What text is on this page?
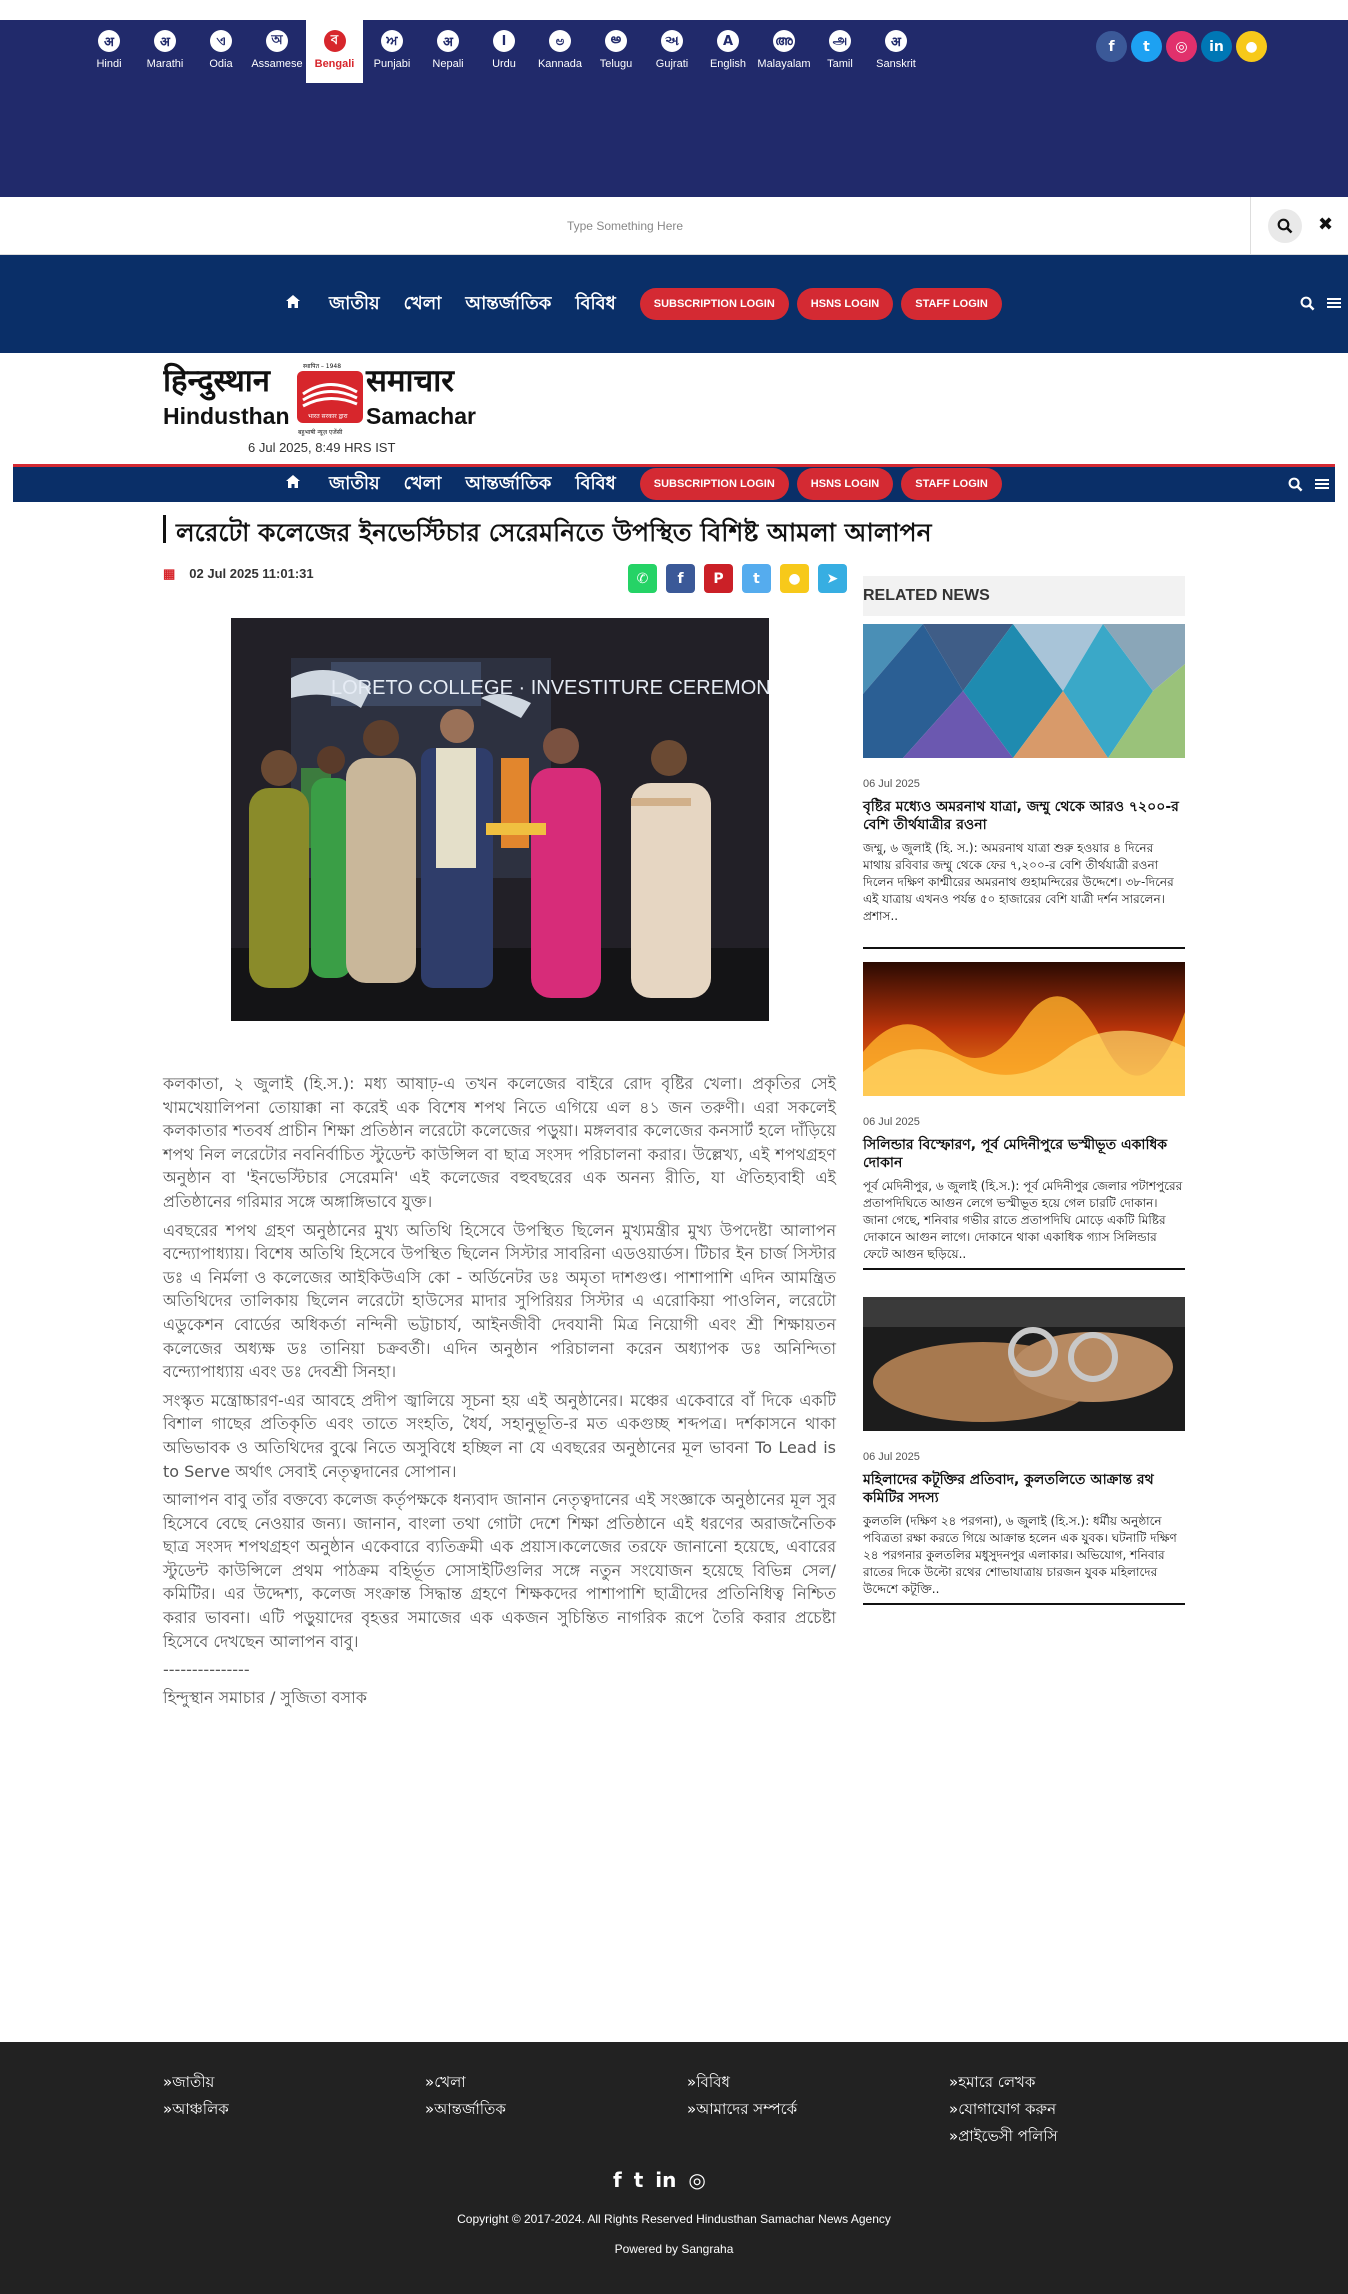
अ
Hindi
अ
Marathi
ଏ
Odia
অ
Assamese
ব
Bengali
ਅ
Punjabi
अ
Nepali
ا
Urdu
ಅ
Kannada
అ
Telugu
અ
Gujrati
A
English
അ
Malayalam
அ
Tamil
अ
Sanskrit
f	t	◎	in	●
Type Something Here
✖
জাতীয় খেলা আন্তর্জাতিক বিবিধ	SUBSCRIPTION LOGIN	HSNS LOGIN	STAFF LOGIN
हिन्दुस्थान	समाचार
Hindusthan	Samachar
स्थापित – 1948
भारत सरकार द्वारा
बहुभाषी न्यूज़ एजेंसी
6 Jul 2025, 8:49 HRS IST
জাতীয় খেলা আন্তর্জাতিক বিবিধ	SUBSCRIPTION LOGIN	HSNS LOGIN	STAFF LOGIN
লরেটো কলেজের ইনভেস্টিচার সেরেমনিতে উপস্থিত বিশিষ্ট আমলা আলাপন
▦ 02 Jul 2025 11:01:31	✆	f	P	t	●	➤
LORETO COLLEGE · INVESTITURE CEREMONY

কলকাতা, ২ জুলাই (হি.স.): মধ্য আষাঢ়-এ তখন কলেজের বাইরে রোদ বৃষ্টির খেলা। প্রকৃতির সেই খামখেয়ালিপনা তোয়াক্কা না করেই এক বিশেষ শপথ নিতে এগিয়ে এল ৪১ জন তরুণী। এরা সকলেই কলকাতার শতবর্ষ প্রাচীন শিক্ষা প্রতিষ্ঠান লরেটো কলেজের পড়ুয়া। মঙ্গলবার কলেজের কনসার্ট হলে দাঁড়িয়ে শপথ নিল লরেটোর নবনির্বাচিত স্টুডেন্ট কাউন্সিল বা ছাত্র সংসদ পরিচালনা করার। উল্লেখ্য, এই শপথগ্রহণ অনুষ্ঠান বা 'ইনভেস্টিচার সেরেমনি' এই কলেজের বহুবছরের এক অনন্য রীতি, যা ঐতিহ্যবাহী এই প্রতিষ্ঠানের গরিমার সঙ্গে অঙ্গাঙ্গিভাবে যুক্ত।

এবছরের শপথ গ্রহণ অনুষ্ঠানের মুখ্য অতিথি হিসেবে উপস্থিত ছিলেন মুখ্যমন্ত্রীর মুখ্য উপদেষ্টা আলাপন বন্দ্যোপাধ্যায়। বিশেষ অতিথি হিসেবে উপস্থিত ছিলেন সিস্টার সাবরিনা এডওয়ার্ডস। টিচার ইন চার্জ সিস্টার ডঃ এ নির্মলা ও কলেজের আইকিউএসি কো - অর্ডিনেটর ডঃ অমৃতা দাশগুপ্ত। পাশাপাশি এদিন আমন্ত্রিত অতিথিদের তালিকায় ছিলেন লরেটো হাউসের মাদার সুপিরিয়র সিস্টার এ এরোকিয়া পাওলিন, লরেটো এডুকেশন বোর্ডের অধিকর্তা নন্দিনী ভট্টাচার্য, আইনজীবী দেবযানী মিত্র নিয়োগী এবং শ্রী শিক্ষায়তন কলেজের অধ্যক্ষ ডঃ তানিয়া চক্রবর্তী। এদিন অনুষ্ঠান পরিচালনা করেন অধ্যাপক ডঃ অনিন্দিতা বন্দ্যোপাধ্যায় এবং ডঃ দেবশ্রী সিনহা।

সংস্কৃত মন্ত্রোচ্চারণ-এর আবহে প্রদীপ জ্বালিয়ে সূচনা হয় এই অনুষ্ঠানের। মঞ্চের একেবারে বাঁ দিকে একটি বিশাল গাছের প্রতিকৃতি এবং তাতে সংহতি, ধৈর্য, সহানুভূতি-র মত একগুচ্ছ শব্দপত্র। দর্শকাসনে থাকা অভিভাবক ও অতিথিদের বুঝে নিতে অসুবিধে হচ্ছিল না যে এবছরের অনুষ্ঠানের মূল ভাবনা To Lead is to Serve অর্থাৎ সেবাই নেতৃত্বদানের সোপান।

আলাপন বাবু তাঁর বক্তব্যে কলেজ কর্তৃপক্ষকে ধন্যবাদ জানান নেতৃত্বদানের এই সংজ্ঞাকে অনুষ্ঠানের মূল সুর হিসেবে বেছে নেওয়ার জন্য। জানান, বাংলা তথা গোটা দেশে শিক্ষা প্রতিষ্ঠানে এই ধরণের অরাজনৈতিক ছাত্র সংসদ শপথগ্রহণ অনুষ্ঠান একেবারে ব্যতিক্রমী এক প্রয়াস।কলেজের তরফে জানানো হয়েছে, এবারের স্টুডেন্ট কাউন্সিলে প্রথম পাঠক্রম বহির্ভূত সোসাইটিগুলির সঙ্গে নতুন সংযোজন হয়েছে বিভিন্ন সেল/কমিটির। এর উদ্দেশ্য, কলেজ সংক্রান্ত সিদ্ধান্ত গ্রহণে শিক্ষকদের পাশাপাশি ছাত্রীদের প্রতিনিধিত্ব নিশ্চিত করার ভাবনা। এটি পড়ুয়াদের বৃহত্তর সমাজের এক একজন সুচিন্তিত নাগরিক রূপে তৈরি করার প্রচেষ্টা হিসেবে দেখছেন আলাপন বাবু।

---------------
হিন্দুস্থান সমাচার / সুজিতা বসাক
RELATED NEWS
06 Jul 2025
বৃষ্টির মধ্যেও অমরনাথ যাত্রা, জম্মু থেকে আরও ৭২০০-র বেশি তীর্থযাত্রীর রওনা
জম্মু, ৬ জুলাই (হি. স.): অমরনাথ যাত্রা শুরু হওয়ার ৪ দিনের মাথায় রবিবার জম্মু থেকে ফের ৭,২০০-র বেশি তীর্থযাত্রী রওনা দিলেন দক্ষিণ কাশ্মীরের অমরনাথ গুহামন্দিরের উদ্দেশে। ৩৮-দিনের এই যাত্রায় এখনও পর্যন্ত ৫০ হাজারের বেশি যাত্রী দর্শন সারলেন। প্রশাস..
06 Jul 2025
সিলিন্ডার বিস্ফোরণ, পূর্ব মেদিনীপুরে ভস্মীভূত একাধিক দোকান
পূর্ব মেদিনীপুর, ৬ জুলাই (হি.স.): পূর্ব মেদিনীপুর জেলার পটাশপুরের প্রতাপদিঘিতে আগুন লেগে ভস্মীভূত হয়ে গেল চারটি দোকান। জানা গেছে, শনিবার গভীর রাতে প্রতাপদিঘি মোড়ে একটি মিষ্টির দোকানে আগুন লাগে। দোকানে থাকা একাধিক গ্যাস সিলিন্ডার ফেটে আগুন ছড়িয়ে..
06 Jul 2025
মহিলাদের কটূক্তির প্রতিবাদ, কুলতলিতে আক্রান্ত রথ কমিটির সদস্য
কুলতলি (দক্ষিণ ২৪ পরগনা), ৬ জুলাই (হি.স.): ধর্মীয় অনুষ্ঠানে পবিত্রতা রক্ষা করতে গিয়ে আক্রান্ত হলেন এক যুবক। ঘটনাটি দক্ষিণ ২৪ পরগনার কুলতলির মধুসুদনপুর এলাকার। অভিযোগ, শনিবার রাতের দিকে উল্টো রথের শোভাযাত্রায় চারজন যুবক মহিলাদের উদ্দেশে কটূক্তি..
»জাতীয়
»আঞ্চলিক
»খেলা
»আন্তর্জাতিক
»বিবিধ
»আমাদের সম্পর্কে
»হমারে লেখক
»যোগাযোগ করুন
»প্রাইভেসী পলিসি
f t in ◎
Copyright © 2017-2024. All Rights Reserved Hindusthan Samachar News Agency
Powered by Sangraha
